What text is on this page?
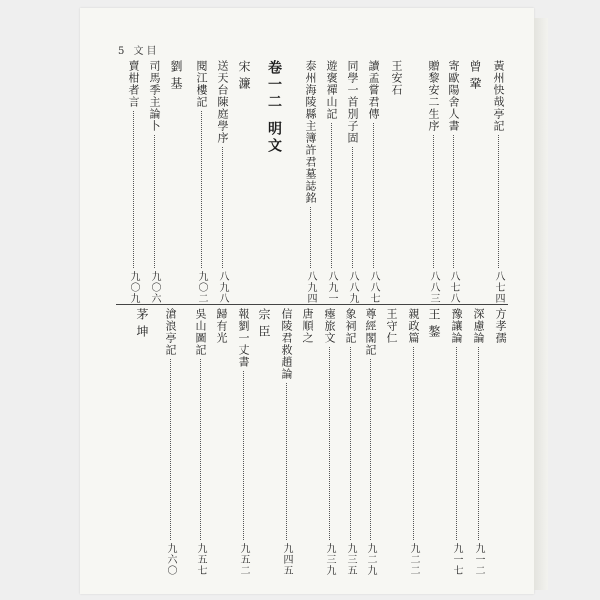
5 文目
黃州快哉亭記
八七四
曾鞏
寄歐陽舍人書
八七八
贈黎安二生序
八八三
王安石
讀孟嘗君傳
八八七
同學一首別子固
八八九
遊褒禪山記
八九一
泰州海陵縣主簿許君墓誌銘
八九四
卷一二
明文
宋濂
送天台陳庭學序
八九八
閱江樓記
九〇二
劉基
司馬季主論卜
九〇六
賣柑者言
九〇九
方孝孺
深慮論
九一二
豫讓論
九一七
王鏊
親政篇
九二二
王守仁
尊經閣記
九二九
象祠記
九三五
瘞旅文
九三九
唐順之
信陵君救趙論
九四五
宗臣
報劉一丈書
九五二
歸有光
吳山圖記
九五七
滄浪亭記
九六〇
茅坤
